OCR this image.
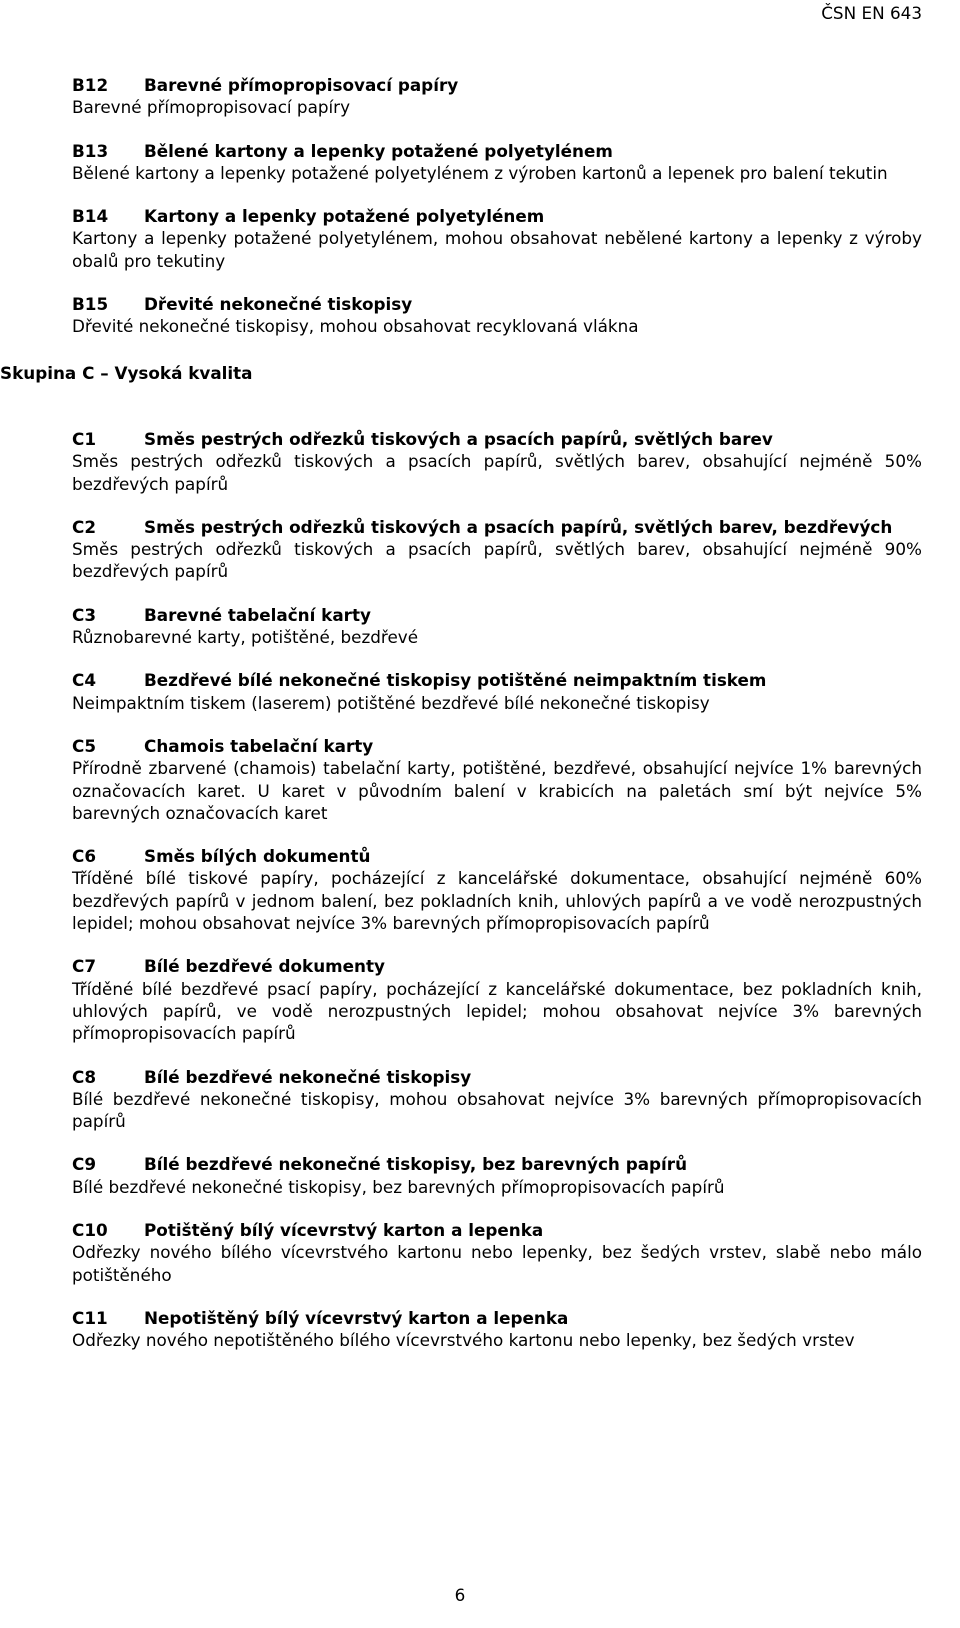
ČSN EN 643
B12	Barevné přímopropisovací papíry
Barevné přímopropisovací papíry
B13	Bělené kartony a lepenky potažené polyetylénem
Bělené kartony a lepenky potažené polyetylénem z výroben kartonů a lepenek pro balení tekutin
B14	Kartony a lepenky potažené polyetylénem
Kartony a lepenky potažené polyetylénem, mohou obsahovat nebělené kartony a lepenky z výroby obalů pro tekutiny
B15	Dřevité nekonečné tiskopisy
Dřevité nekonečné tiskopisy, mohou obsahovat recyklovaná vlákna
Skupina C – Vysoká kvalita
C1	Směs pestrých odřezků tiskových a psacích papírů, světlých barev
Směs pestrých odřezků tiskových a psacích papírů, světlých barev, obsahující nejméně 50% bezdřevých papírů
C2	Směs pestrých odřezků tiskových a psacích papírů, světlých barev, bezdřevých
Směs pestrých odřezků tiskových a psacích papírů, světlých barev, obsahující nejméně 90% bezdřevých papírů
C3	Barevné tabelační karty
Různobarevné karty, potištěné, bezdřevé
C4	Bezdřevé bílé nekonečné tiskopisy potištěné neimpaktním tiskem
Neimpaktním tiskem (laserem) potištěné bezdřevé bílé nekonečné tiskopisy
C5	Chamois tabelační karty
Přírodně zbarvené (chamois) tabelační karty, potištěné, bezdřevé, obsahující nejvíce 1% barevných označovacích karet. U karet v původním balení v krabicích na paletách smí být nejvíce 5% barevných označovacích karet
C6	Směs bílých dokumentů
Tříděné bílé tiskové papíry, pocházející z kancelářské dokumentace, obsahující nejméně 60% bezdřevých papírů v jednom balení, bez pokladních knih, uhlových papírů a ve vodě nerozpustných lepidel; mohou obsahovat nejvíce 3% barevných přímopropisovacích papírů
C7	Bílé bezdřevé dokumenty
Tříděné bílé bezdřevé psací papíry, pocházející z kancelářské dokumentace, bez pokladních knih, uhlových papírů, ve vodě nerozpustných lepidel; mohou obsahovat nejvíce 3% barevných přímopropisovacích papírů
C8	Bílé bezdřevé nekonečné tiskopisy
Bílé bezdřevé nekonečné tiskopisy, mohou obsahovat nejvíce 3% barevných přímopropisovacích papírů
C9	Bílé bezdřevé nekonečné tiskopisy, bez barevných papírů
Bílé bezdřevé nekonečné tiskopisy, bez barevných přímopropisovacích papírů
C10	Potištěný bílý vícevrstvý karton a lepenka
Odřezky nového bílého vícevrstvého kartonu nebo lepenky, bez šedých vrstev, slabě nebo málo potištěného
C11	Nepotištěný bílý vícevrstvý karton a lepenka
Odřezky nového nepotištěného bílého vícevrstvého kartonu nebo lepenky, bez šedých vrstev
6
